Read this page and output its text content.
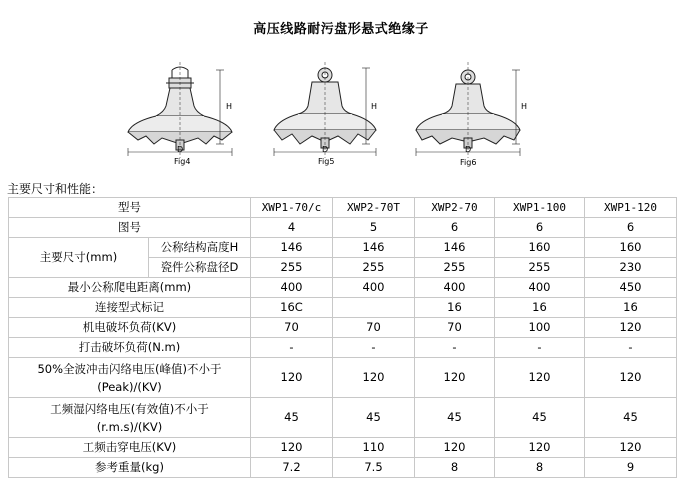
高压线路耐污盘形悬式绝缘子
H
D
Fig4
H
D
Fig5
H
D
Fig6
主要尺寸和性能：
型号		XWP1-70/c	XWP2-70T	XWP2-70	XWP1-100	XWP1-120
图号		4	5	6	6	6
主要尺寸(mm)	公称结构高度H	146	146	146	160	160
	瓷件公称盘径D	255	255	255	255	230
最小公称爬电距离(mm)		400	400	400	400	450
连接型式标记		16C		16	16	16
机电破坏负荷(KV)		70	70	70	100	120
打击破坏负荷(N.m)		-	-	-	-	-

50%全波冲击闪络电压(峰值)不小于
(Peak)/(KV)		120	120	120	120	120

工频湿闪络电压(有效值)不小于
(r.m.s)/(KV)		45	45	45	45	45
工频击穿电压(KV)		120	110	120	120	120
参考重量(kg)		7.2	7.5	8	8	9
